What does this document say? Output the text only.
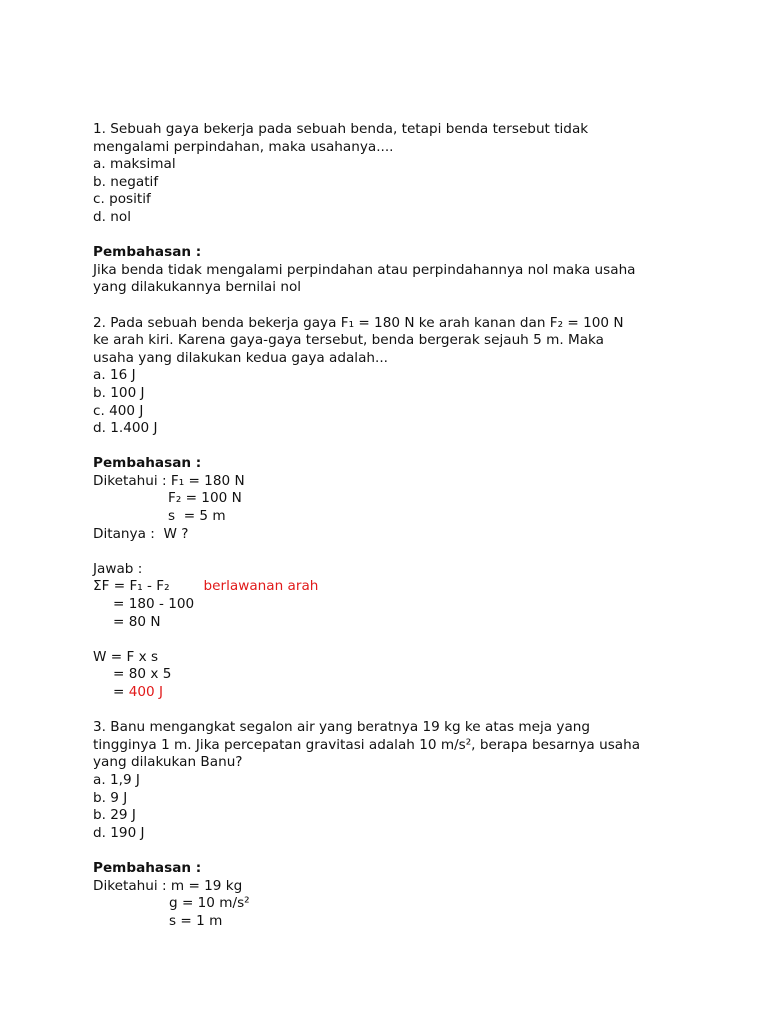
1. Sebuah gaya bekerja pada sebuah benda, tetapi benda tersebut tidak
mengalami perpindahan, maka usahanya....
a. maksimal
b. negatif
c. positif
d. nol
Pembahasan :
Jika benda tidak mengalami perpindahan atau perpindahannya nol maka usaha
yang dilakukannya bernilai nol
2. Pada sebuah benda bekerja gaya F₁ = 180 N ke arah kanan dan F₂ = 100 N
ke arah kiri. Karena gaya-gaya tersebut, benda bergerak sejauh 5 m. Maka
usaha yang dilakukan kedua gaya adalah...
a. 16 J
b. 100 J
c. 400 J
d. 1.400 J
Pembahasan :
Diketahui : F₁ = 180 N
F₂ = 100 N
s  = 5 m
Ditanya :  W ?
Jawab :
ΣF = F₁ - F₂	berlawanan arah
= 180 - 100
= 80 N
W = F x s
= 80 x 5
= 400 J
3. Banu mengangkat segalon air yang beratnya 19 kg ke atas meja yang
tingginya 1 m. Jika percepatan gravitasi adalah 10 m/s², berapa besarnya usaha
yang dilakukan Banu?
a. 1,9 J
b. 9 J
b. 29 J
d. 190 J
Pembahasan :
Diketahui : m = 19 kg
g = 10 m/s²
s = 1 m
